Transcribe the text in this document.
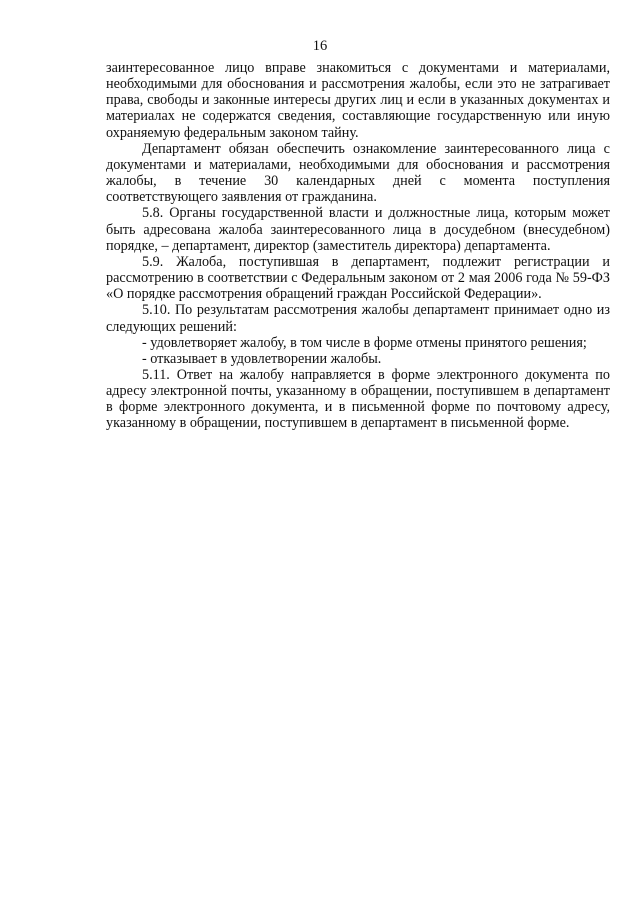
16

заинтересованное лицо вправе знакомиться с документами и материалами, необходимыми для обоснования и рассмотрения жалобы, если это не затрагивает права, свободы и законные интересы других лиц и если в указанных документах и материалах не содержатся сведения, составляющие государственную или иную охраняемую федеральным законом тайну.

Департамент обязан обеспечить ознакомление заинтересованного лица с документами и материалами, необходимыми для обоснования и рассмотрения жалобы, в течение 30 календарных дней с момента поступления соответствующего заявления от гражданина.

5.8. Органы государственной власти и должностные лица, которым может быть адресована жалоба заинтересованного лица в досудебном (внесудебном) порядке, – департамент, директор (заместитель директора) департамента.

5.9. Жалоба, поступившая в департамент, подлежит регистрации и рассмотрению в соответствии с Федеральным законом от 2 мая 2006 года № 59-ФЗ «О порядке рассмотрения обращений граждан Российской Федерации».

5.10. По результатам рассмотрения жалобы департамент принимает одно из следующих решений:

- удовлетворяет жалобу, в том числе в форме отмены принятого решения;

- отказывает в удовлетворении жалобы.

5.11. Ответ на жалобу направляется в форме электронного документа по адресу электронной почты, указанному в обращении, поступившем в департамент в форме электронного документа, и в письменной форме по почтовому адресу, указанному в обращении, поступившем в департамент в письменной форме.
